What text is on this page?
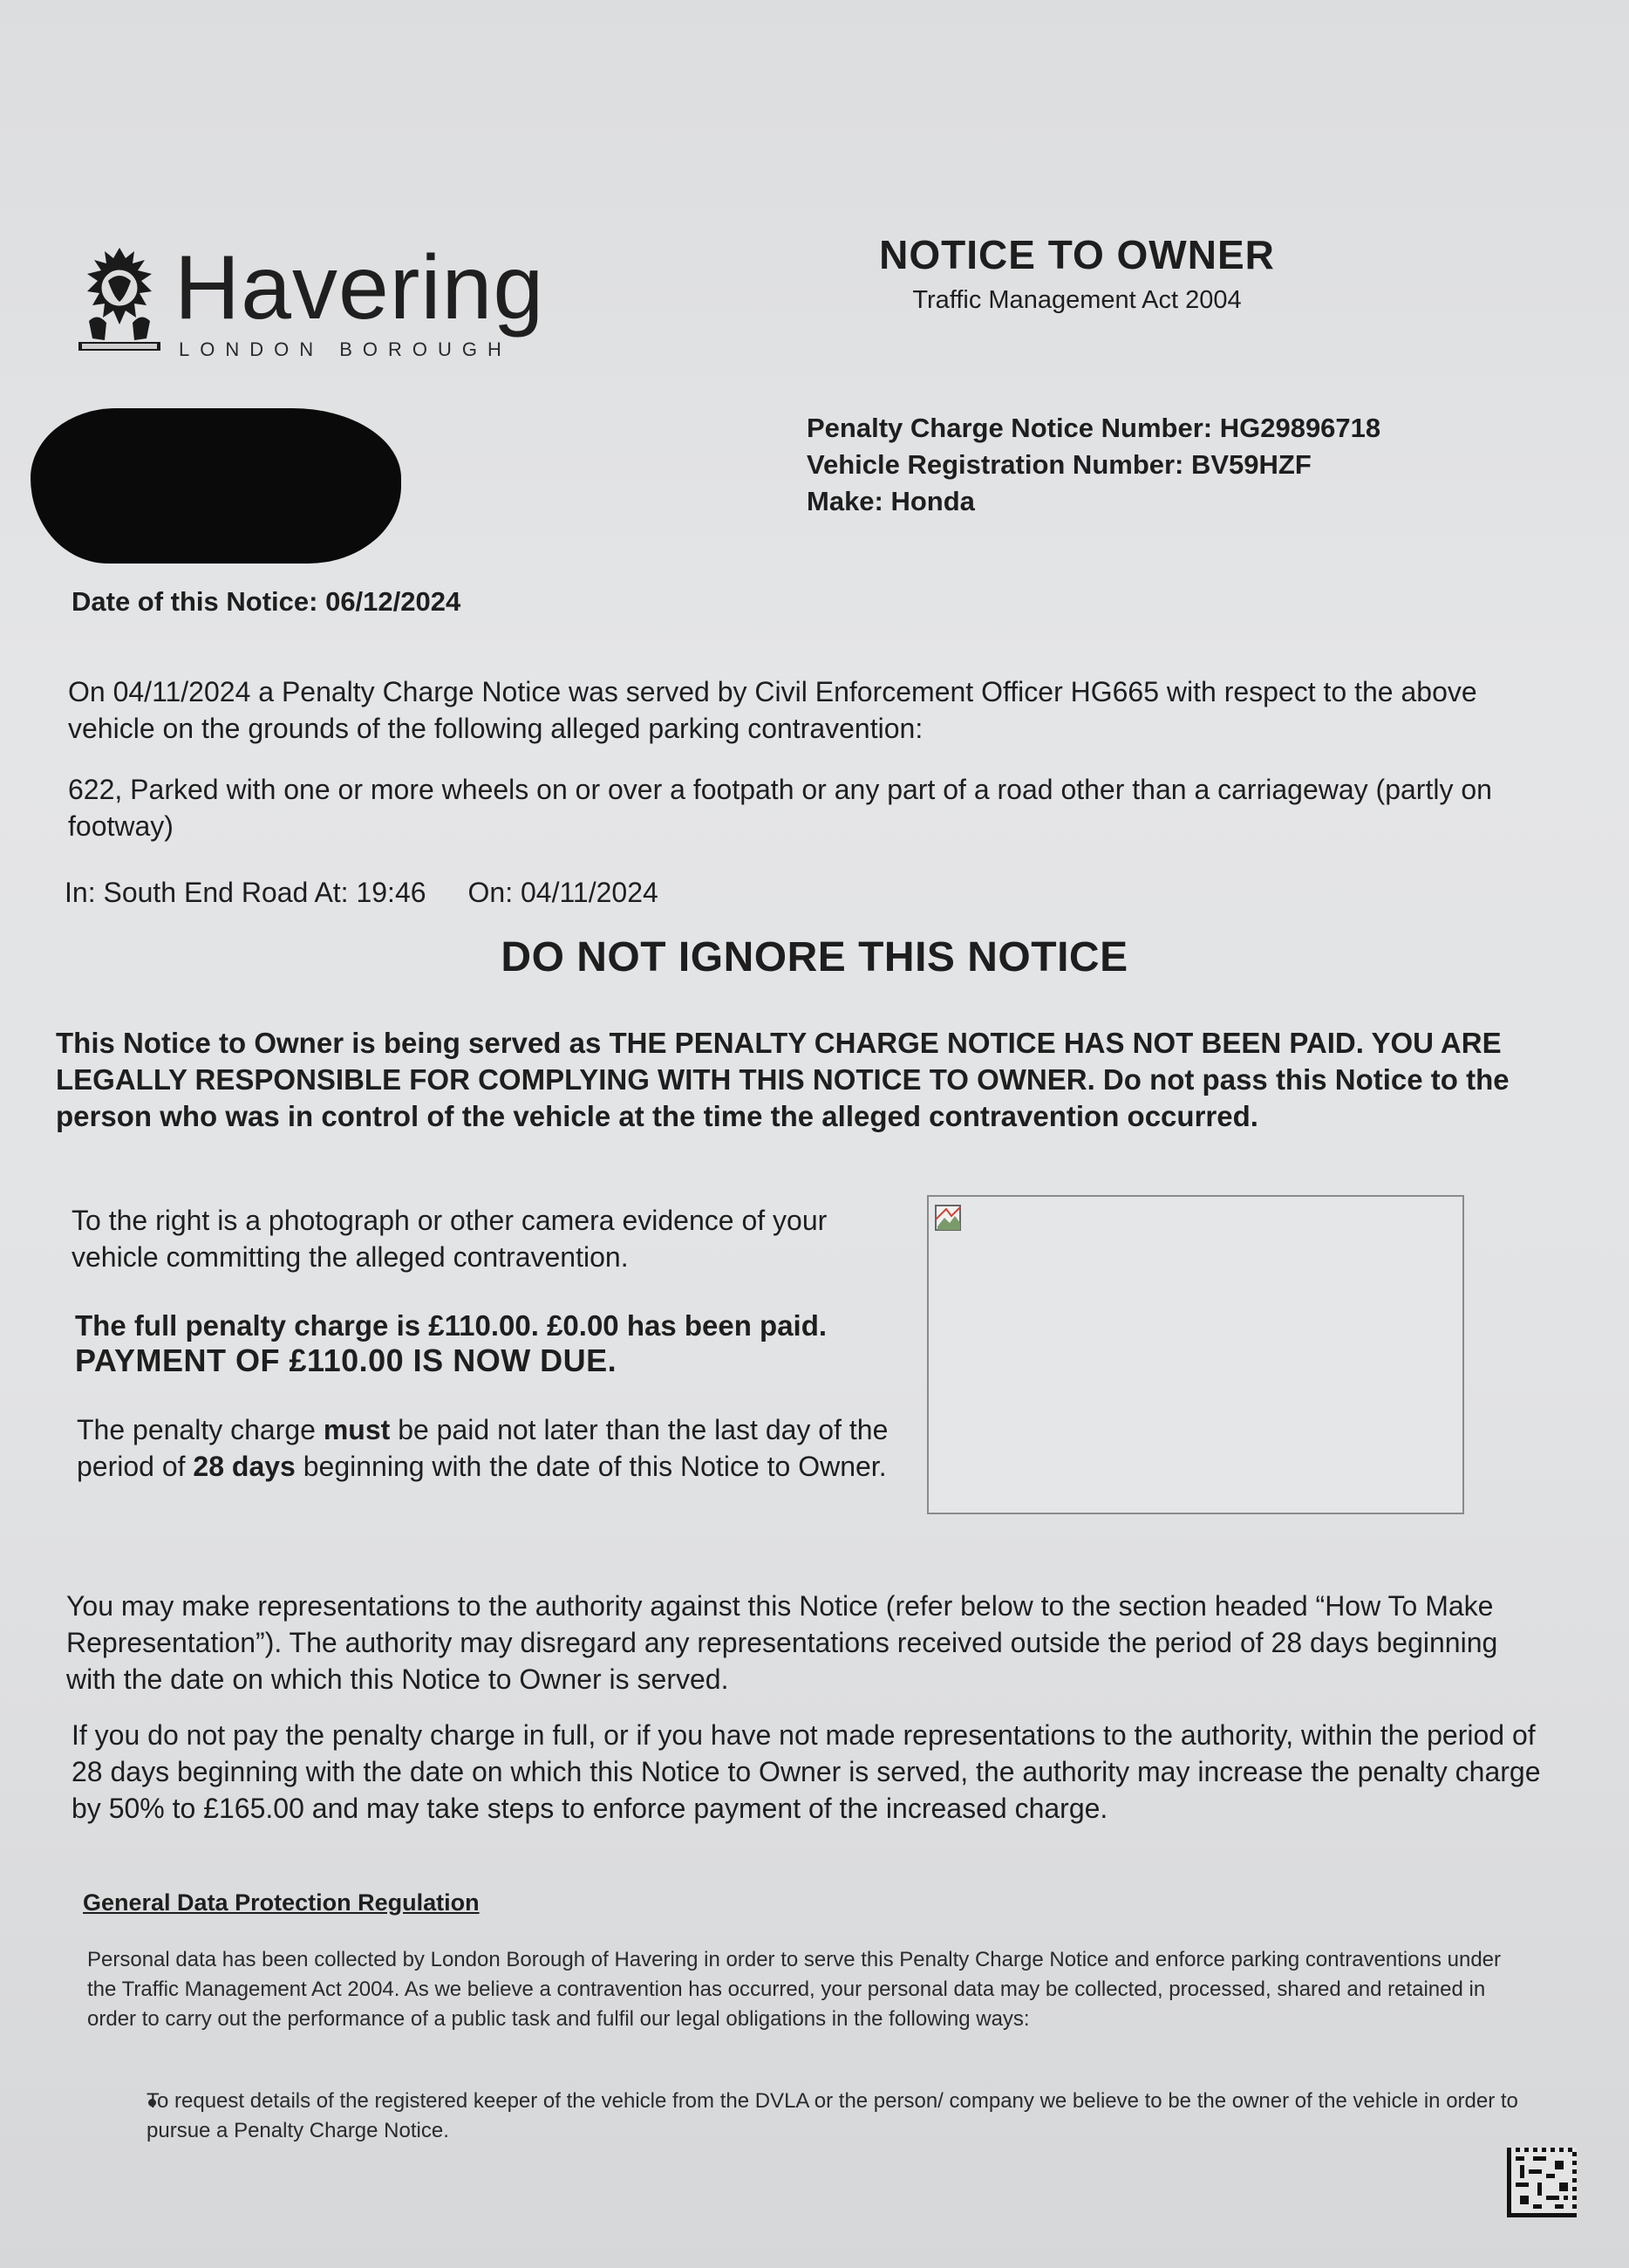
Havering
LONDON BOROUGH
NOTICE TO OWNER
Traffic Management Act 2004
Penalty Charge Notice Number: HG29896718
Vehicle Registration Number: BV59HZF
Make: Honda
Date of this Notice: 06/12/2024
On 04/11/2024 a Penalty Charge Notice was served by Civil Enforcement Officer HG665 with respect to the above vehicle on the grounds of the following alleged parking contravention:
622, Parked with one or more wheels on or over a footpath or any part of a road other than a carriageway (partly on footway)
In: South End Road At: 19:46 On: 04/11/2024
DO NOT IGNORE THIS NOTICE
This Notice to Owner is being served as THE PENALTY CHARGE NOTICE HAS NOT BEEN PAID. YOU ARE LEGALLY RESPONSIBLE FOR COMPLYING WITH THIS NOTICE TO OWNER. Do not pass this Notice to the person who was in control of the vehicle at the time the alleged contravention occurred.
To the right is a photograph or other camera evidence of your vehicle committing the alleged contravention.
The full penalty charge is £110.00. £0.00 has been paid.
PAYMENT OF £110.00 IS NOW DUE.
The penalty charge must be paid not later than the last day of the period of 28 days beginning with the date of this Notice to Owner.
You may make representations to the authority against this Notice (refer below to the section headed “How To Make Representation”). The authority may disregard any representations received outside the period of 28 days beginning with the date on which this Notice to Owner is served.
If you do not pay the penalty charge in full, or if you have not made representations to the authority, within the period of 28 days beginning with the date on which this Notice to Owner is served, the authority may increase the penalty charge by 50% to £165.00 and may take steps to enforce payment of the increased charge.
General Data Protection Regulation
Personal data has been collected by London Borough of Havering in order to serve this Penalty Charge Notice and enforce parking contraventions under the Traffic Management Act 2004. As we believe a contravention has occurred, your personal data may be collected, processed, shared and retained in order to carry out the performance of a public task and fulfil our legal obligations in the following ways:
To request details of the registered keeper of the vehicle from the DVLA or the person/ company we believe to be the owner of the vehicle in order to pursue a Penalty Charge Notice.
